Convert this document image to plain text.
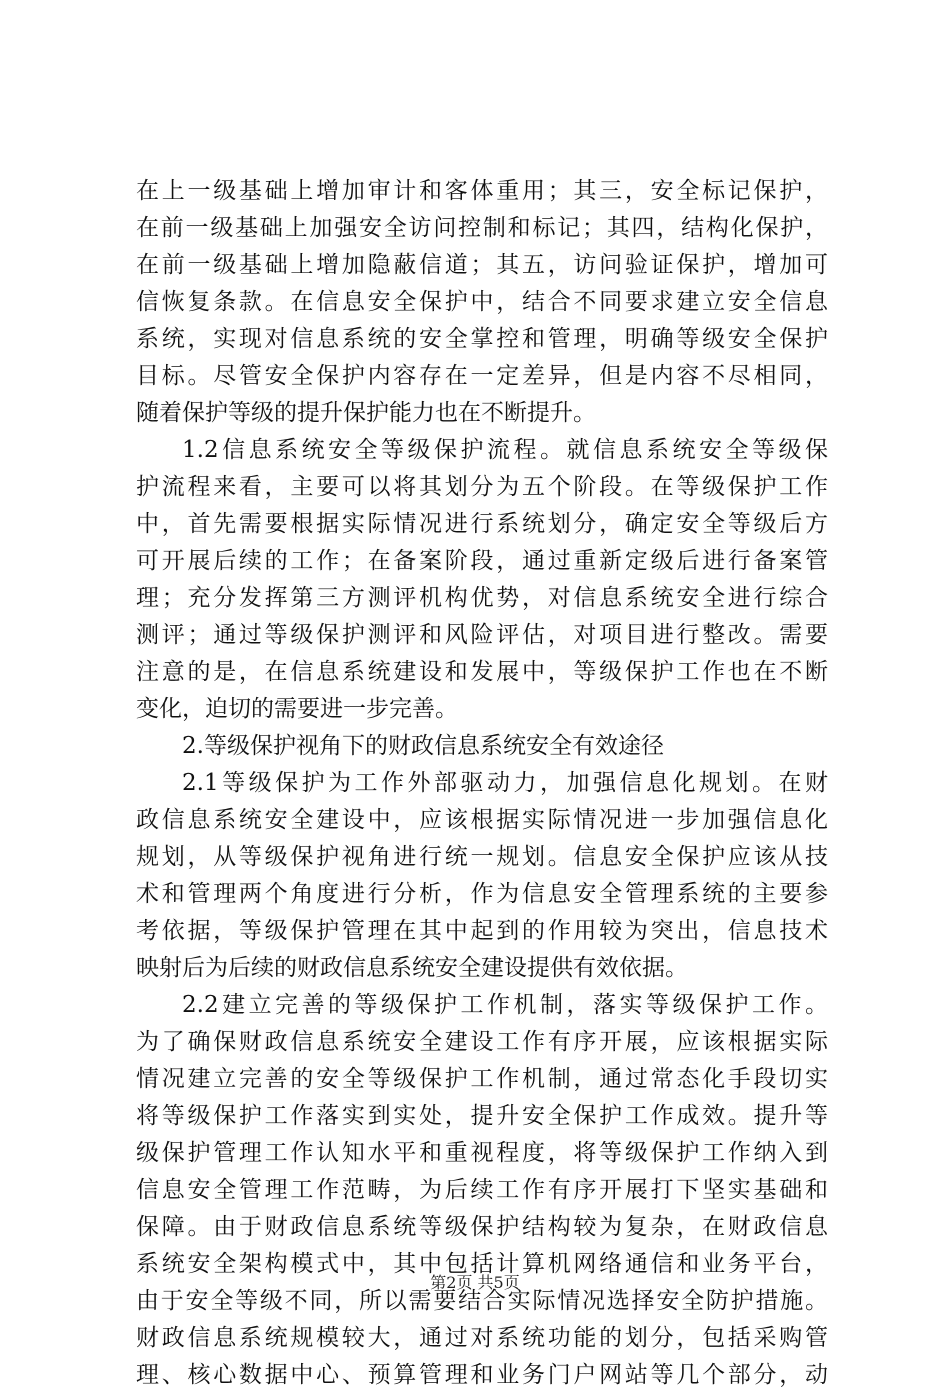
在上一级基础上增加审计和客体重用；其三，安全标记保护，
在前一级基础上加强安全访问控制和标记；其四，结构化保护，
在前一级基础上增加隐蔽信道；其五，访问验证保护，增加可
信恢复条款。在信息安全保护中，结合不同要求建立安全信息
系统，实现对信息系统的安全掌控和管理，明确等级安全保护
目标。尽管安全保护内容存在一定差异，但是内容不尽相同，
随着保护等级的提升保护能力也在不断提升。
1.2信息系统安全等级保护流程。就信息系统安全等级保
护流程来看，主要可以将其划分为五个阶段。在等级保护工作
中，首先需要根据实际情况进行系统划分，确定安全等级后方
可开展后续的工作；在备案阶段，通过重新定级后进行备案管
理；充分发挥第三方测评机构优势，对信息系统安全进行综合
测评；通过等级保护测评和风险评估，对项目进行整改。需要
注意的是，在信息系统建设和发展中，等级保护工作也在不断
变化，迫切的需要进一步完善。
2.等级保护视角下的财政信息系统安全有效途径
2.1等级保护为工作外部驱动力，加强信息化规划。在财
政信息系统安全建设中，应该根据实际情况进一步加强信息化
规划，从等级保护视角进行统一规划。信息安全保护应该从技
术和管理两个角度进行分析，作为信息安全管理系统的主要参
考依据，等级保护管理在其中起到的作用较为突出，信息技术
映射后为后续的财政信息系统安全建设提供有效依据。
2.2建立完善的等级保护工作机制，落实等级保护工作。
为了确保财政信息系统安全建设工作有序开展，应该根据实际
情况建立完善的安全等级保护工作机制，通过常态化手段切实
将等级保护工作落实到实处，提升安全保护工作成效。提升等
级保护管理工作认知水平和重视程度，将等级保护工作纳入到
信息安全管理工作范畴，为后续工作有序开展打下坚实基础和
保障。由于财政信息系统等级保护结构较为复杂，在财政信息
系统安全架构模式中，其中包括计算机网络通信和业务平台，
由于安全等级不同，所以需要结合实际情况选择安全防护措施。
财政信息系统规模较大，通过对系统功能的划分，包括采购管
理、核心数据中心、预算管理和业务门户网站等几个部分，动
第2页 共5页
